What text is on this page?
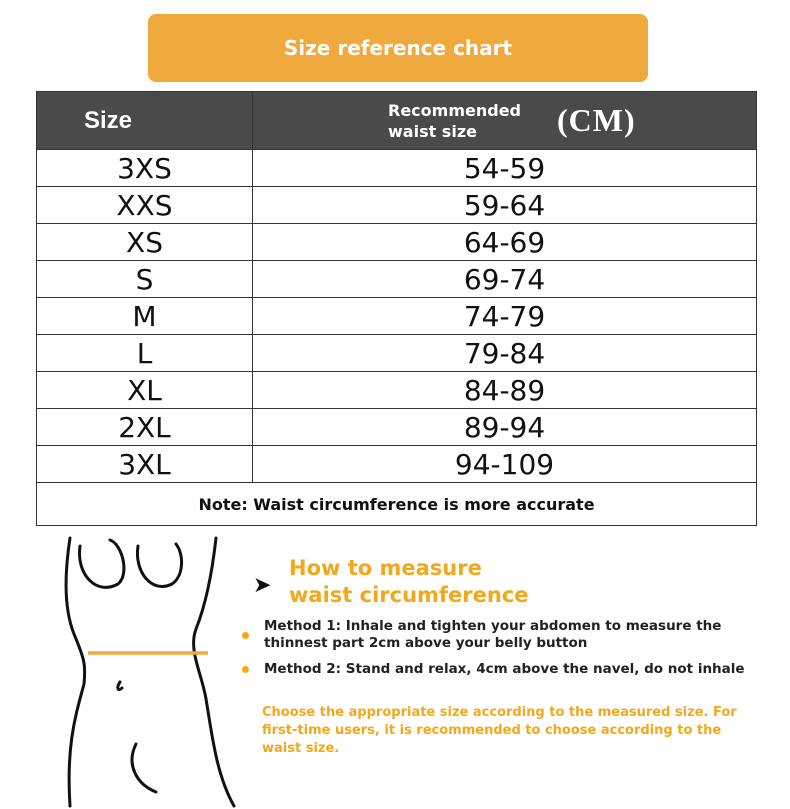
Size reference chart
Size	Recommended
waist size (CM)

3XS	54-59
XXS	59-64
XS	64-69
S	69-74
M	74-79
L	79-84
XL	84-89
2XL	89-94
3XL	94-109
Note: Waist circumference is more accurate	
➤
How to measure
waist circumference
Method 1: Inhale and tighten your abdomen to measure the thinnest part 2cm above your belly button
Method 2: Stand and relax, 4cm above the navel, do not inhale
Choose the appropriate size according to the measured size. For first-time users, it is recommended to choose according to the waist size.
